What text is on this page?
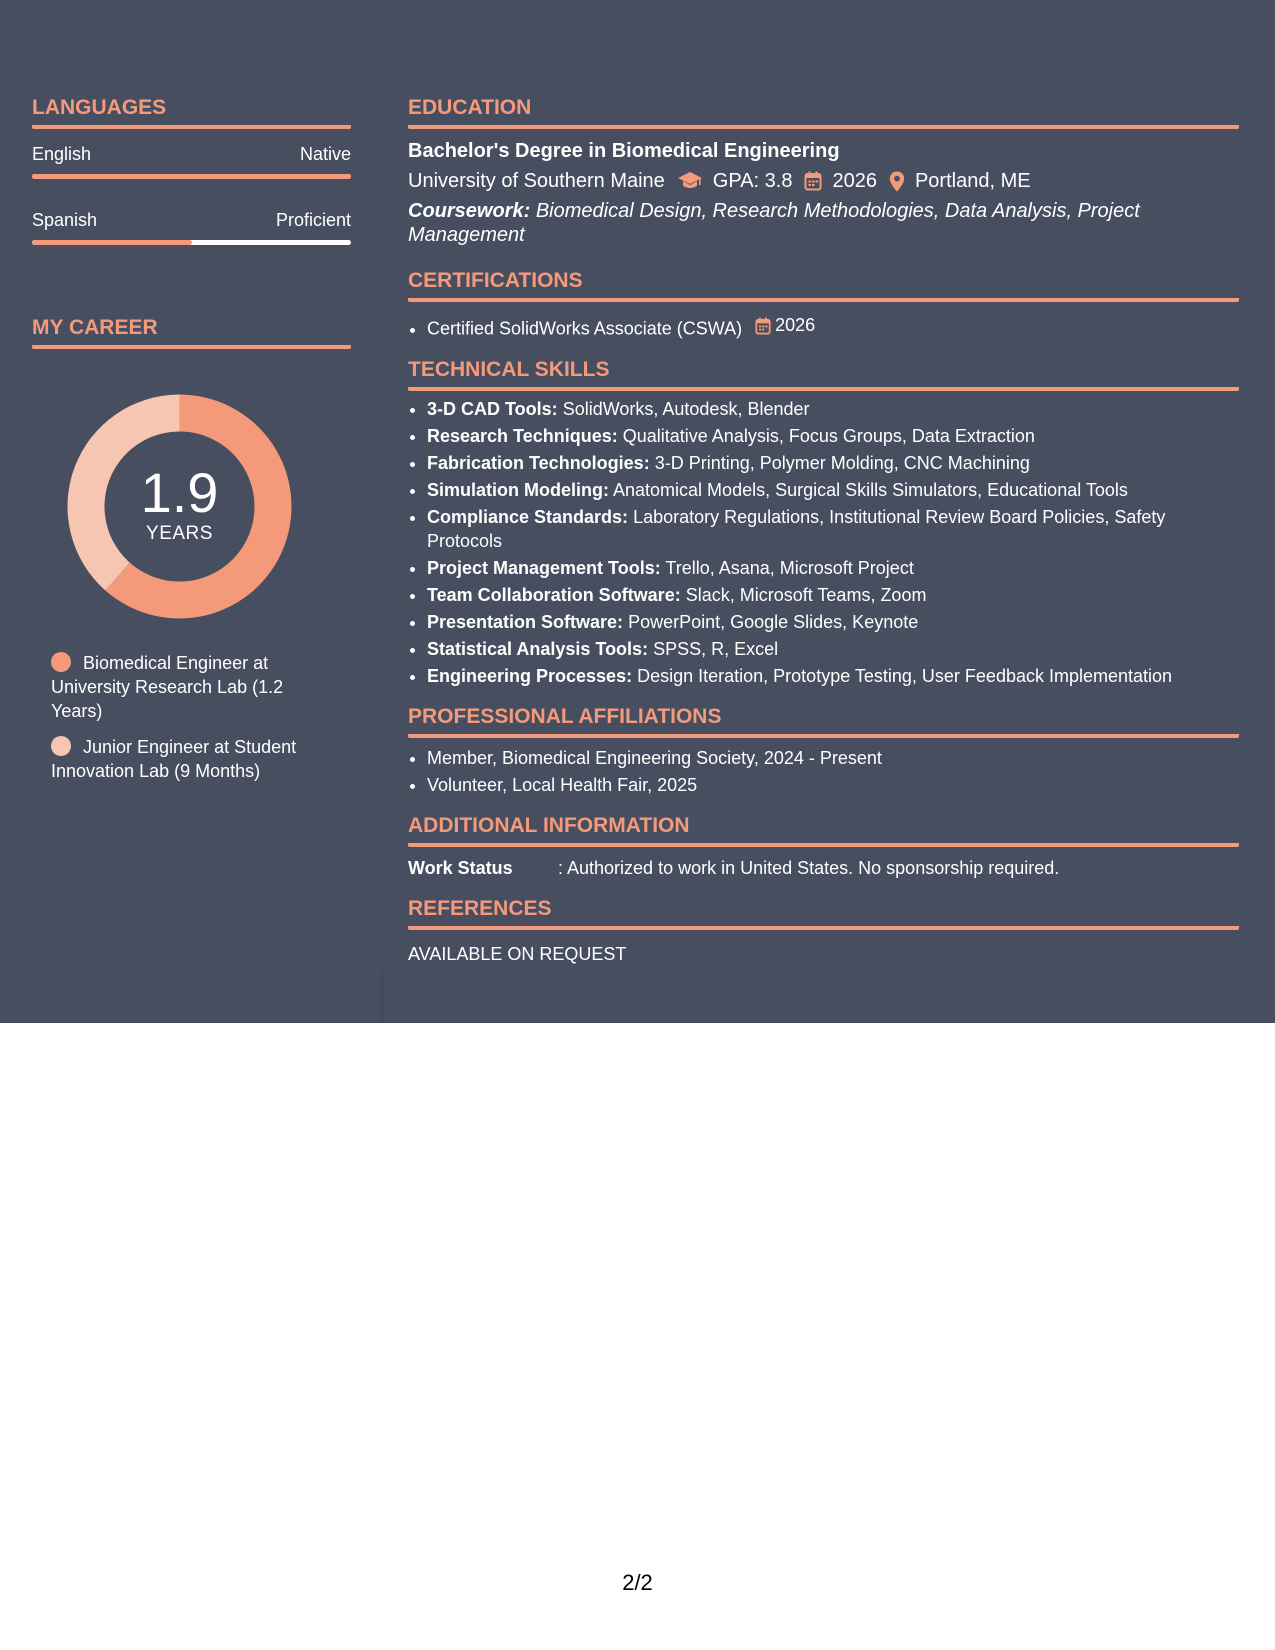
LANGUAGES
English	Native
Spanish	Proficient
MY CAREER
1.9
YEARS
Biomedical Engineer at University Research Lab (1.2 Years)
Junior Engineer at Student Innovation Lab (9 Months)
EDUCATION
Bachelor's Degree in Biomedical Engineering
University of Southern Maine GPA: 3.8 2026 Portland, ME
Coursework: Biomedical Design, Research Methodologies, Data Analysis, Project Management
CERTIFICATIONS
• Certified SolidWorks Associate (CSWA) 2026
TECHNICAL SKILLS
• 3-D CAD Tools: SolidWorks, Autodesk, Blender
• Research Techniques: Qualitative Analysis, Focus Groups, Data Extraction
• Fabrication Technologies: 3-D Printing, Polymer Molding, CNC Machining
• Simulation Modeling: Anatomical Models, Surgical Skills Simulators, Educational Tools
• Compliance Standards: Laboratory Regulations, Institutional Review Board Policies, Safety Protocols
• Project Management Tools: Trello, Asana, Microsoft Project
• Team Collaboration Software: Slack, Microsoft Teams, Zoom
• Presentation Software: PowerPoint, Google Slides, Keynote
• Statistical Analysis Tools: SPSS, R, Excel
• Engineering Processes: Design Iteration, Prototype Testing, User Feedback Implementation
PROFESSIONAL AFFILIATIONS
• Member, Biomedical Engineering Society, 2024 - Present
• Volunteer, Local Health Fair, 2025
ADDITIONAL INFORMATION
Work Status	: Authorized to work in United States. No sponsorship required.
REFERENCES
AVAILABLE ON REQUEST
2/2
